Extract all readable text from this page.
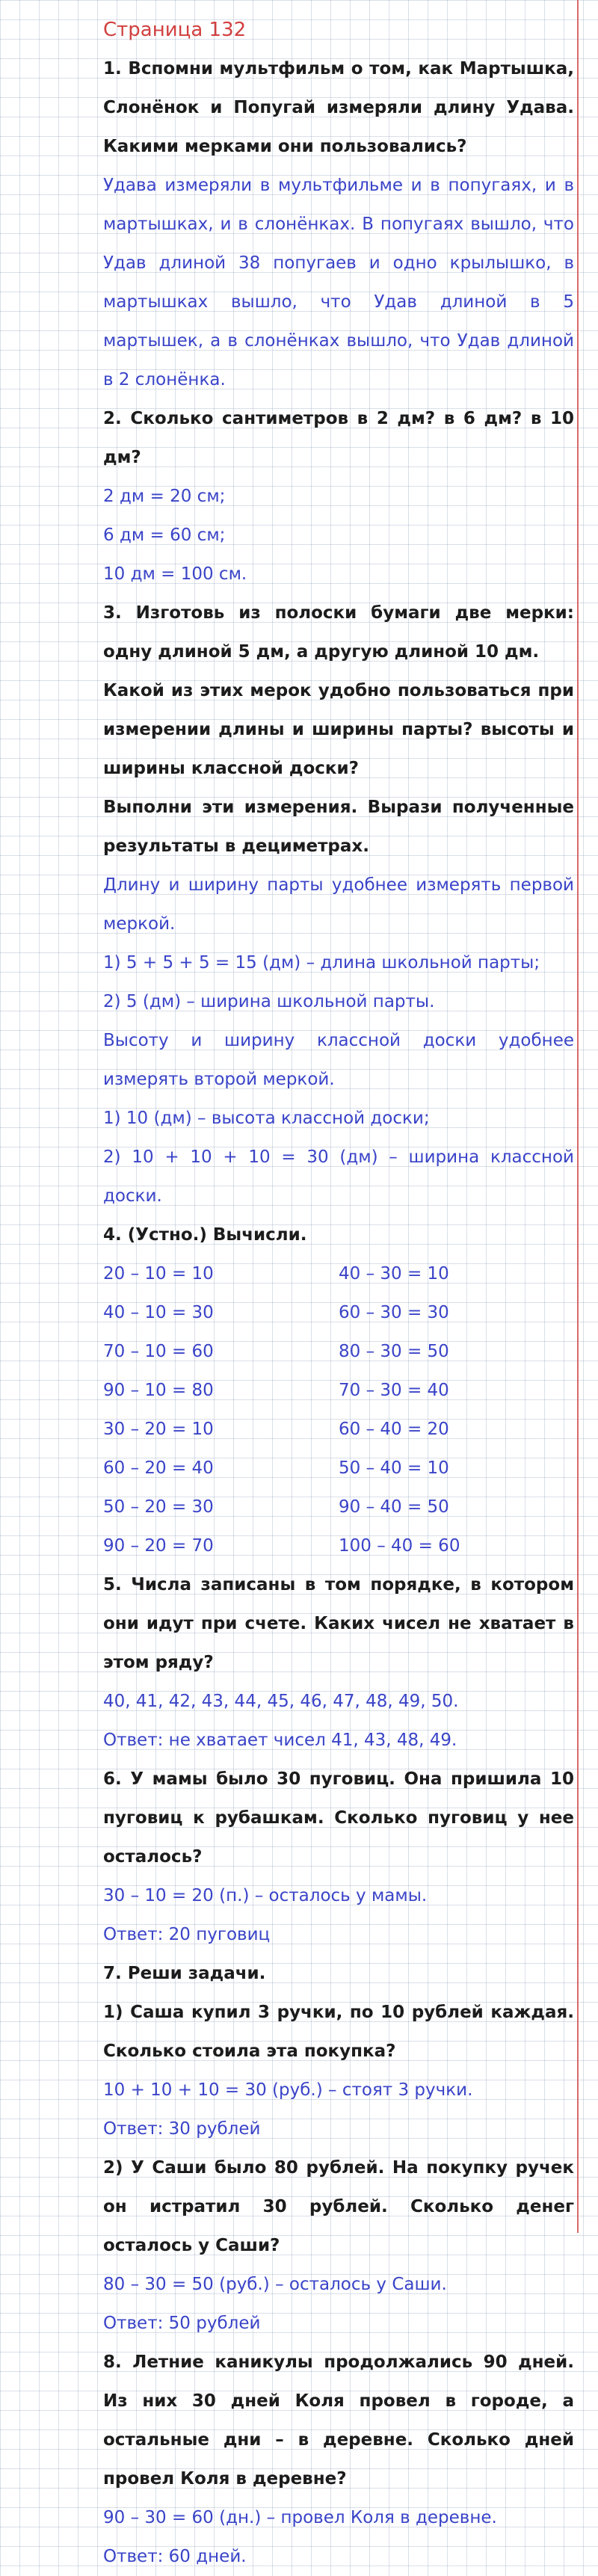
Страница 132

1. Вспомни мультфильм о том, как Мартышка, Слонёнок и Попугай измеряли длину Удава. Какими мерками они пользовались?

Удава измеряли в мультфильме и в попугаях, и в мартышках, и в слонёнках. В попугаях вышло, что Удав длиной 38 попугаев и одно крылышко, в мартышках вышло, что Удав длиной в 5 мартышек, а в слонёнках вышло, что Удав длиной в 2 слонёнка.

2. Сколько сантиметров в 2 дм? в 6 дм? в 10 дм?

2 дм = 20 см;

6 дм = 60 см;

10 дм = 100 см.

3. Изготовь из полоски бумаги две мерки: одну длиной 5 дм, а другую длиной 10 дм.

Какой из этих мерок удобно пользоваться при измерении длины и ширины парты? высоты и ширины классной доски?

Выполни эти измерения. Вырази полученные результаты в дециметрах.

Длину и ширину парты удобнее измерять первой меркой.

1) 5 + 5 + 5 = 15 (дм) – длина школьной парты;

2) 5 (дм) – ширина школьной парты.

Высоту и ширину классной доски удобнее измерять второй меркой.

1) 10 (дм) – высота классной доски;

2) 10 + 10 + 10 = 30 (дм) – ширина классной доски.

4. (Устно.) Вычисли.

20 – 10 = 10

40 – 10 = 30

70 – 10 = 60

90 – 10 = 80

30 – 20 = 10

60 – 20 = 40

50 – 20 = 30

90 – 20 = 70

40 – 30 = 10

60 – 30 = 30

80 – 30 = 50

70 – 30 = 40

60 – 40 = 20

50 – 40 = 10

90 – 40 = 50

100 – 40 = 60

5. Числа записаны в том порядке, в котором они идут при счете. Каких чисел не хватает в этом ряду?

40, 41, 42, 43, 44, 45, 46, 47, 48, 49, 50.

Ответ: не хватает чисел 41, 43, 48, 49.

6. У мамы было 30 пуговиц. Она пришила 10 пуговиц к рубашкам. Сколько пуговиц у нее осталось?

30 – 10 = 20 (п.) – осталось у мамы.

Ответ: 20 пуговиц

7. Реши задачи.

1) Саша купил 3 ручки, по 10 рублей каждая. Сколько стоила эта покупка?

10 + 10 + 10 = 30 (руб.) – стоят 3 ручки.

Ответ: 30 рублей

2) У Саши было 80 рублей. На покупку ручек он истратил 30 рублей. Сколько денег осталось у Саши?

80 – 30 = 50 (руб.) – осталось у Саши.

Ответ: 50 рублей

8. Летние каникулы продолжались 90 дней. Из них 30 дней Коля провел в городе, а остальные дни – в деревне. Сколько дней провел Коля в деревне?

90 – 30 = 60 (дн.) – провел Коля в деревне.

Ответ: 60 дней.
